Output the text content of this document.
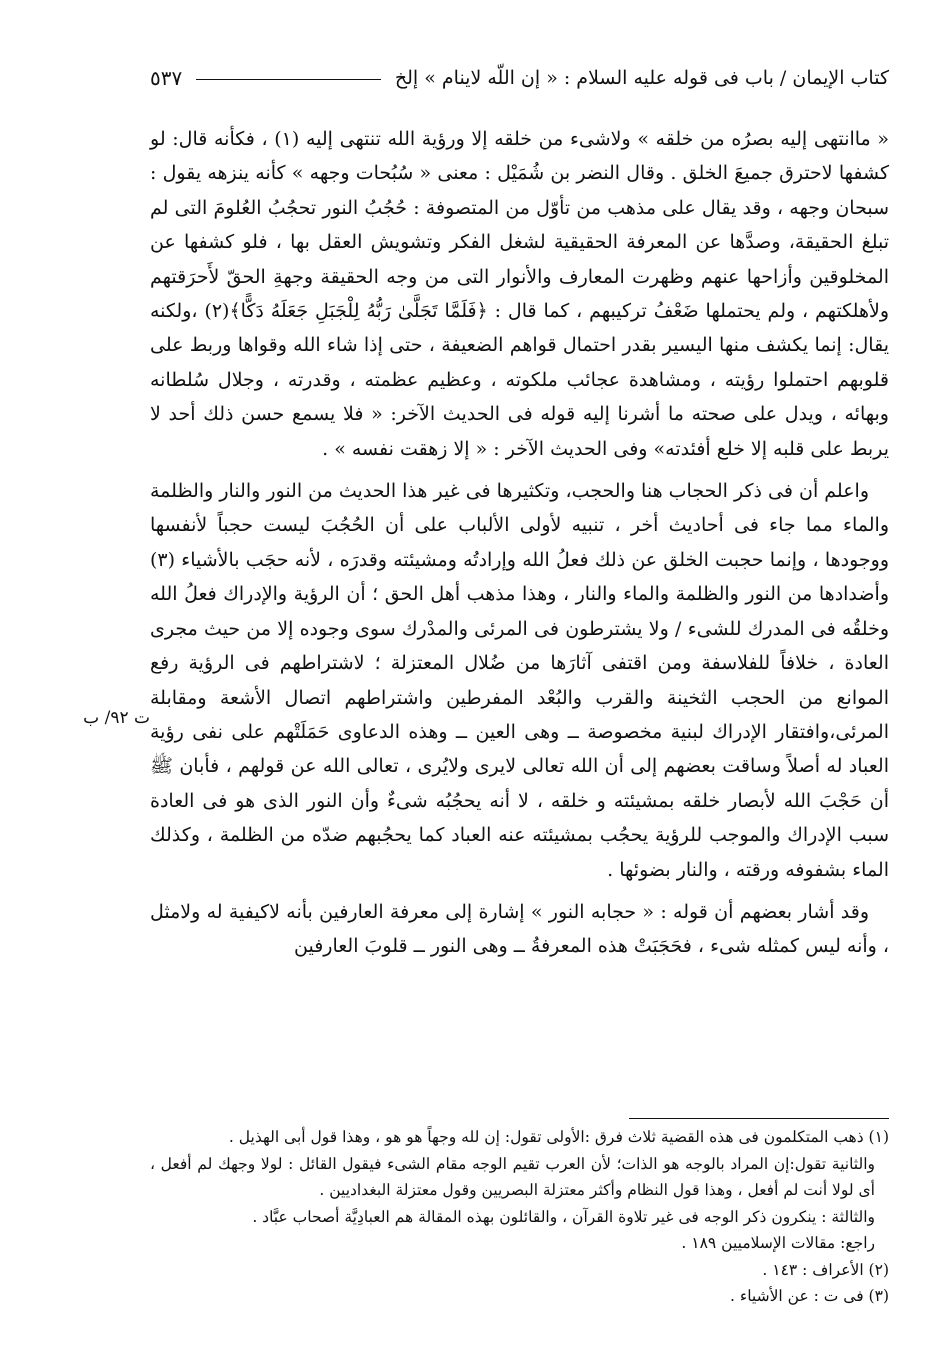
كتاب الإيمان / باب فى قوله عليه السلام : « إن اللّه لاينام » إلخ
٥٣٧
ت ٩٢/ ب

« ماانتهى إليه بصرُه من خلقه » ولاشىء من خلقه إلا ورؤية الله تنتهى إليه (١) ، فكأنه قال: لو كشفها لاحترق جميعَ الخلق . وقال النضر بن شُمَيْل : معنى « سُبُحات وجهه » كأنه ينزهه يقول : سبحان وجهه ، وقد يقال على مذهب من تأوّل من المتصوفة : حُجُبُ النور تحجُبُ العُلومَ التى لم تبلغ الحقيقة، وصدَّها عن المعرفة الحقيقية لشغل الفكر وتشويش العقل بها ، فلو كشفها عن المخلوقين وأزاحها عنهم وظهرت المعارف والأنوار التى من وجه الحقيقة وجهةِ الحقّ لأَحرَقتهم ولأهلكتهم ، ولم يحتملها ضَعْفُ تركيبهم ، كما قال : ﴿فَلَمَّا تَجَلَّىٰ رَبُّهُ لِلْجَبَلِ جَعَلَهُ دَكًّا﴾(٢) ،ولكنه يقال: إنما يكشف منها اليسير بقدر احتمال قواهم الضعيفة ، حتى إذا شاء الله وقواها وربط على قلوبهم احتملوا رؤيته ، ومشاهدة عجائب ملكوته ، وعظيم عظمته ، وقدرته ، وجلال سُلطانه وبهائه ، ويدل على صحته ما أشرنا إليه قوله فى الحديث الآخر: « فلا يسمع حسن ذلك أحد لا يربط على قلبه إلا خلع أفئدته» وفى الحديث الآخر : « إلا زهقت نفسه » .

واعلم أن فى ذكر الحجاب هنا والحجب، وتكثيرها فى غير هذا الحديث من النور والنار والظلمة والماء مما جاء فى أحاديث أخر ، تنبيه لأولى الألباب على أن الحُجُبَ ليست حجباً لأنفسها ووجودها ، وإنما حجبت الخلق عن ذلك فعلُ الله وإرادتُه ومشيئته وقدرَه ، لأنه حجَب بالأشياء (٣) وأضدادها من النور والظلمة والماء والنار ، وهذا مذهب أهل الحق ؛ أن الرؤية والإدراك فعلُ الله وخلقُه فى المدرك للشىء / ولا يشترطون فى المرئى والمدْرك سوى وجوده إلا من حيث مجرى العادة ، خلافاً للفلاسفة ومن اقتفى آثارَها من ضُلال المعتزلة ؛ لاشتراطهم فى الرؤية رفع الموانع من الحجب الثخينة والقرب والبُعْد المفرطين واشتراطهم اتصال الأشعة ومقابلة المرئى،وافتقار الإدراك لبنية مخصوصة ــ وهى العين ــ وهذه الدعاوى حَمَلَتْهم على نفى رؤية العباد له أصلاً وساقت بعضهم إلى أن الله تعالى لايرى ولايُرى ، تعالى الله عن قولهم ، فأبان ﷺ أن حَجْبَ الله لأبصار خلقه بمشيئته و خلقه ، لا أنه يحجُبُه شىءٌ وأن النور الذى هو فى العادة سبب الإدراك والموجب للرؤية يحجُب بمشيئته عنه العباد كما يحجُبهم ضدّه من الظلمة ، وكذلك الماء بشفوفه ورقته ، والنار بضوئها .

وقد أشار بعضهم أن قوله : « حجابه النور » إشارة إلى معرفة العارفين بأنه لاكيفية له ولامثل ، وأنه ليس كمثله شىء ، فحَجَبَتْ هذه المعرفةُ ــ وهى النور ــ قلوبَ العارفين

(١) ذهب المتكلمون فى هذه القضية ثلاث فرق :الأولى تقول: إن لله وجهاً هو هو ، وهذا قول أبى الهذيل .

والثانية تقول:إن المراد بالوجه هو الذات؛ لأن العرب تقيم الوجه مقام الشىء فيقول القائل : لولا وجهك لم أفعل ، أى لولا أنت لم أفعل ، وهذا قول النظام وأكثر معتزلة البصريين وقول معتزلة البغداديين .

والثالثة : ينكرون ذكر الوجه فى غير تلاوة القرآن ، والقائلون بهذه المقالة هم العبادِيَّة أصحاب عبَّاد .

راجع: مقالات الإسلاميين ١٨٩ .

(٢) الأعراف : ١٤٣ .

(٣) فى ت : عن الأشياء .
